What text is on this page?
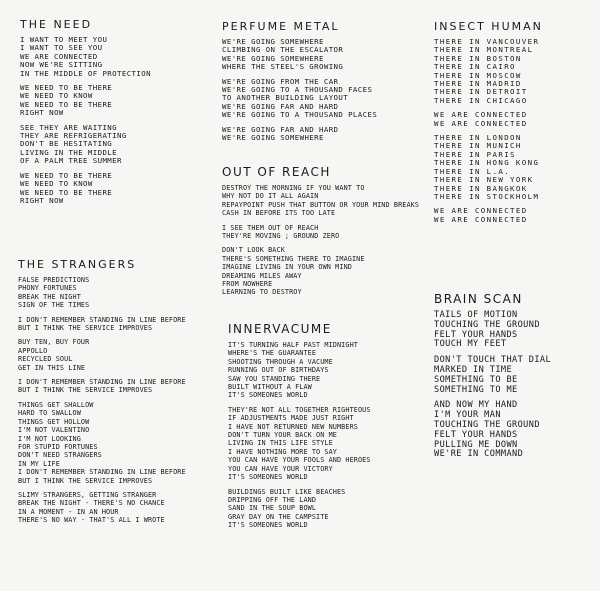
THE NEED
I WANT TO MEET YOU
I WANT TO SEE YOU
WE ARE CONNECTED
NOW WE'RE SITTING
IN THE MIDDLE OF PROTECTION
WE NEED TO BE THERE
WE NEED TO KNOW
WE NEED TO BE THERE
RIGHT NOW
SEE THEY ARE WAITING
THEY ARE REFRIGERATING
DON'T BE HESITATING
LIVING IN THE MIDDLE
OF A PALM TREE SUMMER
WE NEED TO BE THERE
WE NEED TO KNOW
WE NEED TO BE THERE
RIGHT NOW
THE STRANGERS
FALSE PREDICTIONS
PHONY FORTUNES
BREAK THE NIGHT
SIGN OF THE TIMES
I DON'T REMEMBER STANDING IN LINE BEFORE
BUT I THINK THE SERVICE IMPROVES
BUY TEN, BUY FOUR
APPOLLO
RECYCLED SOUL
GET IN THIS LINE
I DON'T REMEMBER STANDING IN LINE BEFORE
BUT I THINK THE SERVICE IMPROVES
THINGS GET SHALLOW
HARD TO SWALLOW
THINGS GET HOLLOW
I'M NOT VALENTINO
I'M NOT LOOKING
FOR STUPID FORTUNES
DON'T NEED STRANGERS
IN MY LIFE
I DON'T REMEMBER STANDING IN LINE BEFORE
BUT I THINK THE SERVICE IMPROVES
SLIMY STRANGERS, GETTING STRANGER
BREAK THE NIGHT - THERE'S NO CHANCE
IN A MOMENT - IN AN HOUR
THERE'S NO WAY - THAT'S ALL I WROTE
PERFUME METAL
WE'RE GOING SOMEWHERE
CLIMBING ON THE ESCALATOR
WE'RE GOING SOMEWHERE
WHERE THE STEEL'S GROWING
WE'RE GOING FROM THE CAR
WE'RE GOING TO A THOUSAND FACES
TO ANOTHER BUILDING LAYOUT
WE'RE GOING FAR AND HARD
WE'RE GOING TO A THOUSAND PLACES
WE'RE GOING FAR AND HARD
WE'RE GOING SOMEWHERE
OUT OF REACH
DESTROY THE MORNING IF YOU WANT TO
WHY NOT DO IT ALL AGAIN
REPAYPOINT PUSH THAT BUTTON OR YOUR MIND BREAKS
CASH IN BEFORE ITS TOO LATE
I SEE THEM OUT OF REACH
THEY'RE MOVING ; GROUND ZERO
DON'T LOOK BACK
THERE'S SOMETHING THERE TO IMAGINE
IMAGINE LIVING IN YOUR OWN MIND
DREAMING MILES AWAY
FROM NOWHERE
LEARNING TO DESTROY
INNERVACUME
IT'S TURNING HALF PAST MIDNIGHT
WHERE'S THE GUARANTEE
SHOOTING THROUGH A VACUME
RUNNING OUT OF BIRTHDAYS
SAW YOU STANDING THERE
BUILT WITHOUT A FLAW
IT'S SOMEONES WORLD
THEY'RE NOT ALL TOGETHER RIGHTEOUS
IF ADJUSTMENTS MADE JUST RIGHT
I HAVE NOT RETURNED NEW NUMBERS
DON'T TURN YOUR BACK ON ME
LIVING IN THIS LIFE STYLE
I HAVE NOTHING MORE TO SAY
YOU CAN HAVE YOUR FOOLS AND HEROES
YOU CAN HAVE YOUR VICTORY
IT'S SOMEONES WORLD
BUILDINGS BUILT LIKE BEACHES
DRIPPING OFF THE LAND
SAND IN THE SOUP BOWL
GRAY DAY ON THE CAMPSITE
IT'S SOMEONES WORLD
INSECT HUMAN
THERE IN VANCOUVER
THERE IN MONTREAL
THERE IN BOSTON
THERE IN CAIRO
THERE IN MOSCOW
THERE IN MADRID
THERE IN DETROIT
THERE IN CHICAGO
WE ARE CONNECTED
WE ARE CONNECTED
THERE IN LONDON
THERE IN MUNICH
THERE IN PARIS
THERE IN HONG KONG
THERE IN L.A.
THERE IN NEW YORK
THERE IN BANGKOK
THERE IN STOCKHOLM
WE ARE CONNECTED
WE ARE CONNECTED
BRAIN SCAN
TAILS OF MOTION
TOUCHING THE GROUND
FELT YOUR HANDS
TOUCH MY FEET
DON'T TOUCH THAT DIAL
MARKED IN TIME
SOMETHING TO BE
SOMETHING TO ME
AND NOW MY HAND
I'M YOUR MAN
TOUCHING THE GROUND
FELT YOUR HANDS
PULLING ME DOWN
WE'RE IN COMMAND
